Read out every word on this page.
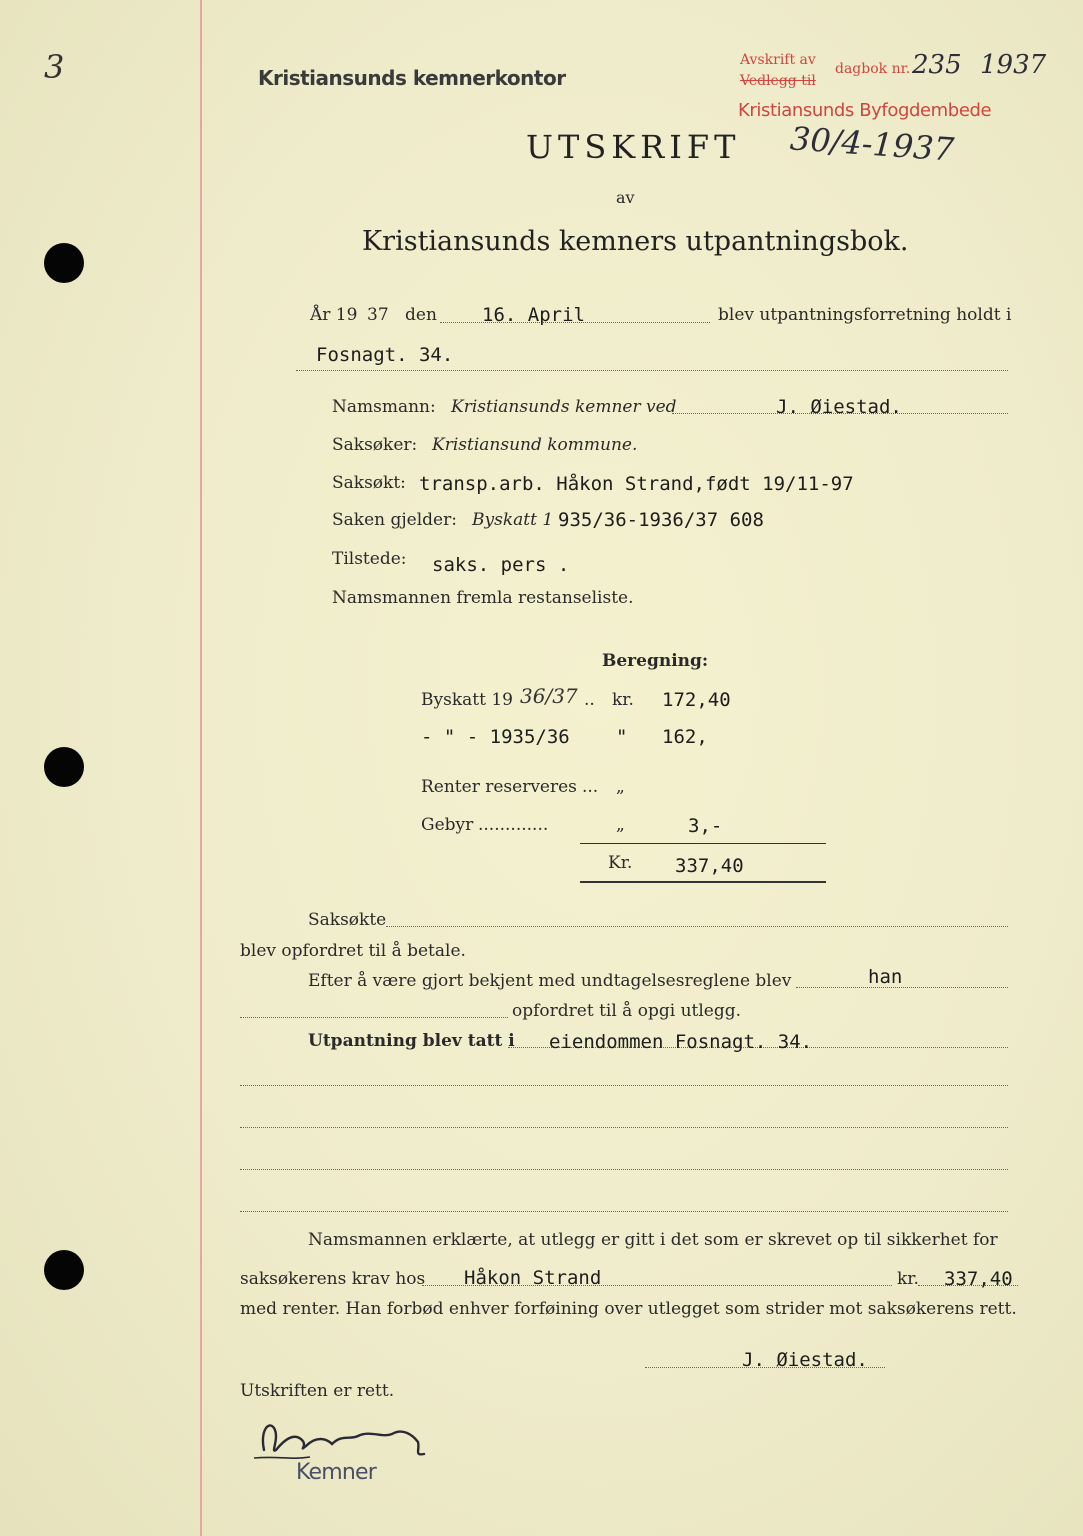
3	Kristiansunds kemnerkontor
Avskrift av
Vedlegg til
dagbok nr. 235 1937
Kristiansunds Byfogdembede
30/4-1937
UTSKRIFT
av
Kristiansunds kemners utpantningsbok.
År 19 37 den 16. April	blev utpantningsforretning holdt i
Fosnagt. 34.
Namsmann: Kristiansunds kemner ved	J. Øiestad.
Saksøker: Kristiansund kommune.
Saksøkt: transp.arb. Håkon Strand,født 19/11-97
Saken gjelder: Byskatt 1 935/36-1936/37 608
Tilstede: saks. pers .
Namsmannen fremla restanseliste.
Beregning:
Byskatt 19 36/37 .. kr. 172,40
- " - 1935/36 " 162,
Renter reserveres ... „
Gebyr .............	„	3,-
Kr. 337,40
Saksøkte
blev opfordret til å betale.
Efter å være gjort bekjent med undtagelsesreglene blev	han
opfordret til å opgi utlegg.
Utpantning blev tatt i eiendommen Fosnagt. 34.
Namsmannen erklærte, at utlegg er gitt i det som er skrevet op til sikkerhet for
saksøkerens krav hos Håkon Strand	kr. 337,40
med renter. Han forbød enhver forføining over utlegget som strider mot saksøkerens rett.
J. Øiestad.
Utskriften er rett.
Kemner
